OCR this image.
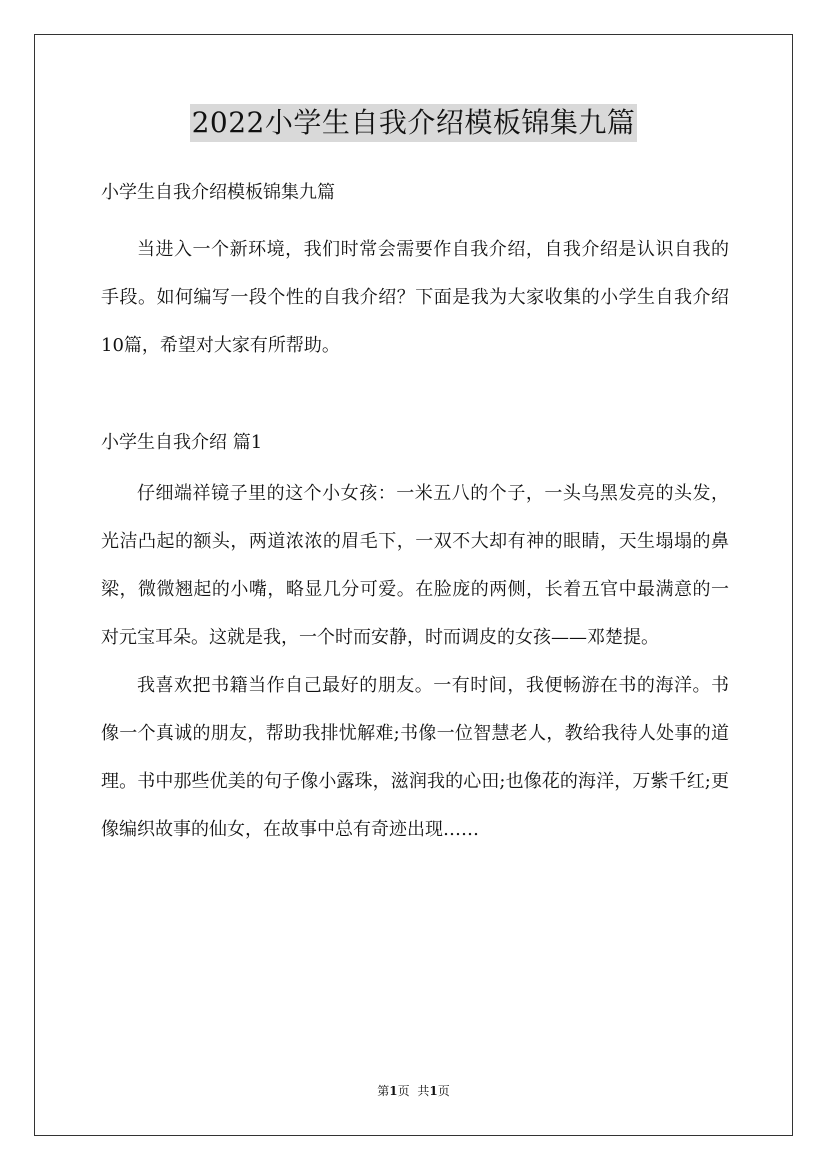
2022小学生自我介绍模板锦集九篇

小学生自我介绍模板锦集九篇

当进入一个新环境，我们时常会需要作自我介绍，自我介绍是认识自我的手段。如何编写一段个性的自我介绍？下面是我为大家收集的小学生自我介绍10篇，希望对大家有所帮助。

小学生自我介绍 篇1

仔细端祥镜子里的这个小女孩：一米五八的个子，一头乌黑发亮的头发，光洁凸起的额头，两道浓浓的眉毛下，一双不大却有神的眼睛，天生塌塌的鼻梁，微微翘起的小嘴，略显几分可爱。在脸庞的两侧，长着五官中最满意的一对元宝耳朵。这就是我，一个时而安静，时而调皮的女孩——邓楚提。

我喜欢把书籍当作自己最好的朋友。一有时间，我便畅游在书的海洋。书像一个真诚的朋友，帮助我排忧解难;书像一位智慧老人，教给我待人处事的道理。书中那些优美的句子像小露珠，滋润我的心田;也像花的海洋，万紫千红;更像编织故事的仙女，在故事中总有奇迹出现……

第1页 共1页
